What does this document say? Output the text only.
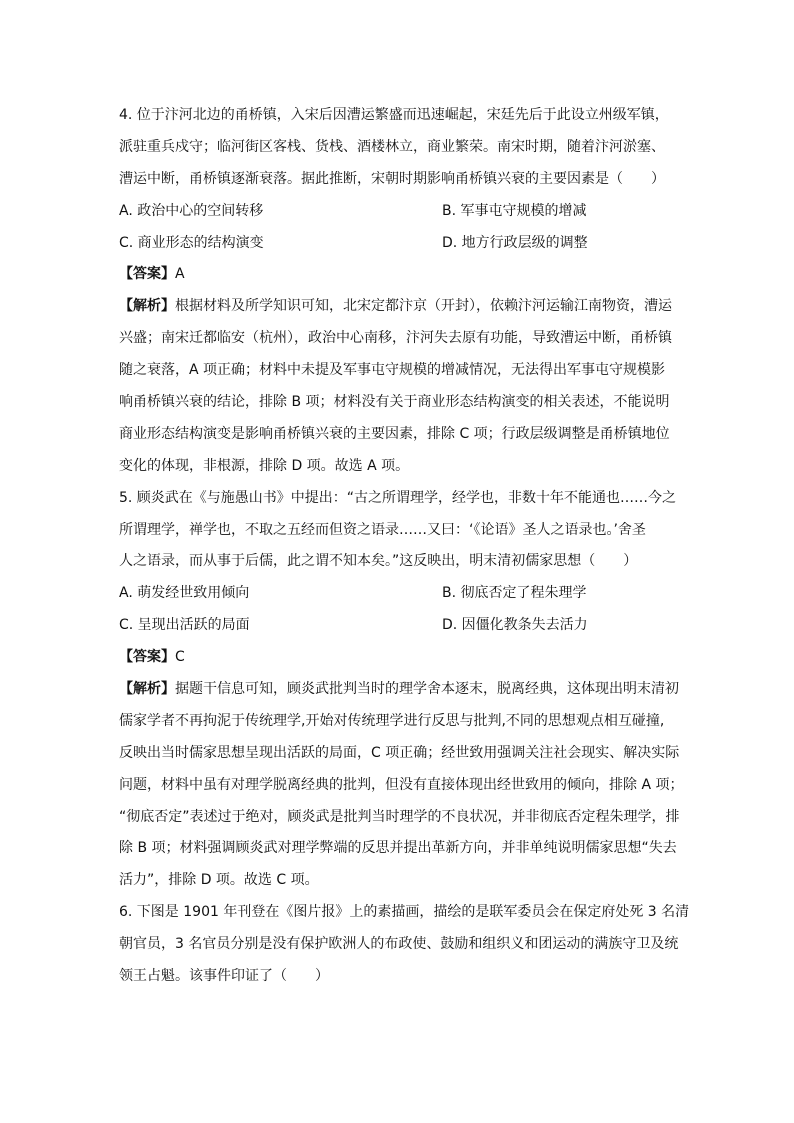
4. 位于汴河北边的甬桥镇，入宋后因漕运繁盛而迅速崛起，宋廷先后于此设立州级军镇，
派驻重兵戍守；临河街区客栈、货栈、酒楼林立，商业繁荣。南宋时期，随着汴河淤塞、
漕运中断，甬桥镇逐渐衰落。据此推断，宋朝时期影响甬桥镇兴衰的主要因素是（　　）
A. 政治中心的空间转移	B. 军事屯守规模的增减
C. 商业形态的结构演变	D. 地方行政层级的调整
【答案】A
【解析】根据材料及所学知识可知，北宋定都汴京（开封），依赖汴河运输江南物资，漕运
兴盛；南宋迁都临安（杭州），政治中心南移，汴河失去原有功能，导致漕运中断，甬桥镇
随之衰落，A 项正确；材料中未提及军事屯守规模的增减情况，无法得出军事屯守规模影
响甬桥镇兴衰的结论，排除 B 项；材料没有关于商业形态结构演变的相关表述，不能说明
商业形态结构演变是影响甬桥镇兴衰的主要因素，排除 C 项；行政层级调整是甬桥镇地位
变化的体现，非根源，排除 D 项。故选 A 项。
5. 顾炎武在《与施愚山书》中提出：“古之所谓理学，经学也，非数十年不能通也……今之
所谓理学，禅学也，不取之五经而但资之语录……又曰：‘《论语》圣人之语录也。’舍圣
人之语录，而从事于后儒，此之谓不知本矣。”这反映出，明末清初儒家思想（　　）
A. 萌发经世致用倾向	B. 彻底否定了程朱理学
C. 呈现出活跃的局面	D. 因僵化教条失去活力
【答案】C
【解析】据题干信息可知，顾炎武批判当时的理学舍本逐末，脱离经典，这体现出明末清初
儒家学者不再拘泥于传统理学,开始对传统理学进行反思与批判,不同的思想观点相互碰撞,
反映出当时儒家思想呈现出活跃的局面，C 项正确；经世致用强调关注社会现实、解决实际
问题，材料中虽有对理学脱离经典的批判，但没有直接体现出经世致用的倾向，排除 A 项；
“彻底否定”表述过于绝对，顾炎武是批判当时理学的不良状况，并非彻底否定程朱理学，排
除 B 项；材料强调顾炎武对理学弊端的反思并提出革新方向，并非单纯说明儒家思想“失去
活力”，排除 D 项。故选 C 项。
6. 下图是 1901 年刊登在《图片报》上的素描画，描绘的是联军委员会在保定府处死 3 名清
朝官员，3 名官员分别是没有保护欧洲人的布政使、鼓励和组织义和团运动的满族守卫及统
领王占魁。该事件印证了（　　）
